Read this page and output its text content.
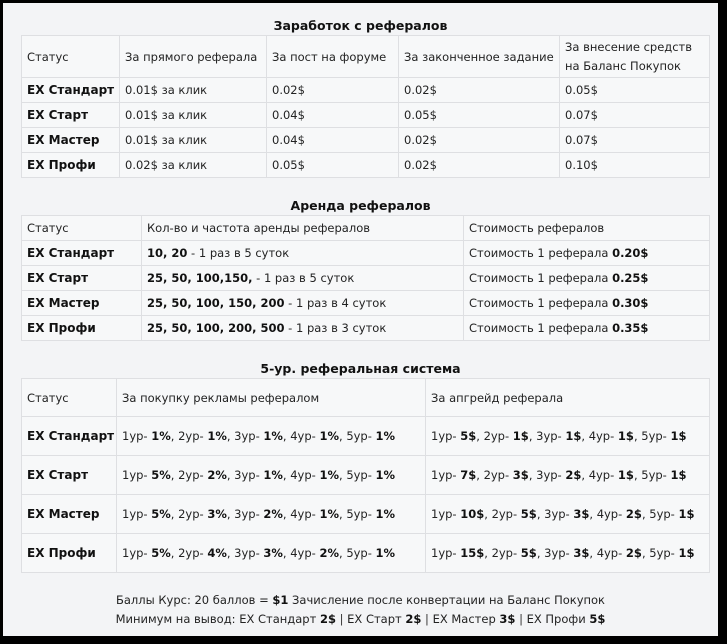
Заработок с рефералов
Статус	За прямого реферала	За пост на форуме	За законченное задание	За внесение средств на Баланс Покупок
EX Стандарт	0.01$ за клик	0.02$	0.02$	0.05$
EX Старт	0.01$ за клик	0.04$	0.05$	0.07$
EX Мастер	0.01$ за клик	0.04$	0.02$	0.07$
EX Профи	0.02$ за клик	0.05$	0.02$	0.10$
Аренда рефералов
Статус	Кол-во и частота аренды рефералов	Стоимость рефералов
EX Стандарт	10, 20 - 1 раз в 5 суток	Стоимость 1 реферала 0.20$
EX Старт	25, 50, 100,150, - 1 раз в 5 суток	Стоимость 1 реферала 0.25$
EX Мастер	25, 50, 100, 150, 200 - 1 раз в 4 суток	Стоимость 1 реферала 0.30$
EX Профи	25, 50, 100, 200, 500 - 1 раз в 3 суток	Стоимость 1 реферала 0.35$
5-ур. реферальная система
Статус	За покупку рекламы рефералом	За апгрейд реферала
EX Стандарт	1ур- 1%, 2ур- 1%, 3ур- 1%, 4ур- 1%, 5ур- 1%	1ур- 5$, 2ур- 1$, 3ур- 1$, 4ур- 1$, 5ур- 1$
EX Старт	1ур- 5%, 2ур- 2%, 3ур- 1%, 4ур- 1%, 5ур- 1%	1ур- 7$, 2ур- 3$, 3ур- 2$, 4ур- 1$, 5ур- 1$
EX Мастер	1ур- 5%, 2ур- 3%, 3ур- 2%, 4ур- 1%, 5ур- 1%	1ур- 10$, 2ур- 5$, 3ур- 3$, 4ур- 2$, 5ур- 1$
EX Профи	1ур- 5%, 2ур- 4%, 3ур- 3%, 4ур- 2%, 5ур- 1%	1ур- 15$, 2ур- 5$, 3ур- 3$, 4ур- 2$, 5ур- 1$
Баллы Курс: 20 баллов = $1 Зачисление после конвертации на Баланс Покупок
Минимум на вывод: EX Стандарт 2$ | EX Старт 2$ | EX Мастер 3$ | EX Профи 5$
